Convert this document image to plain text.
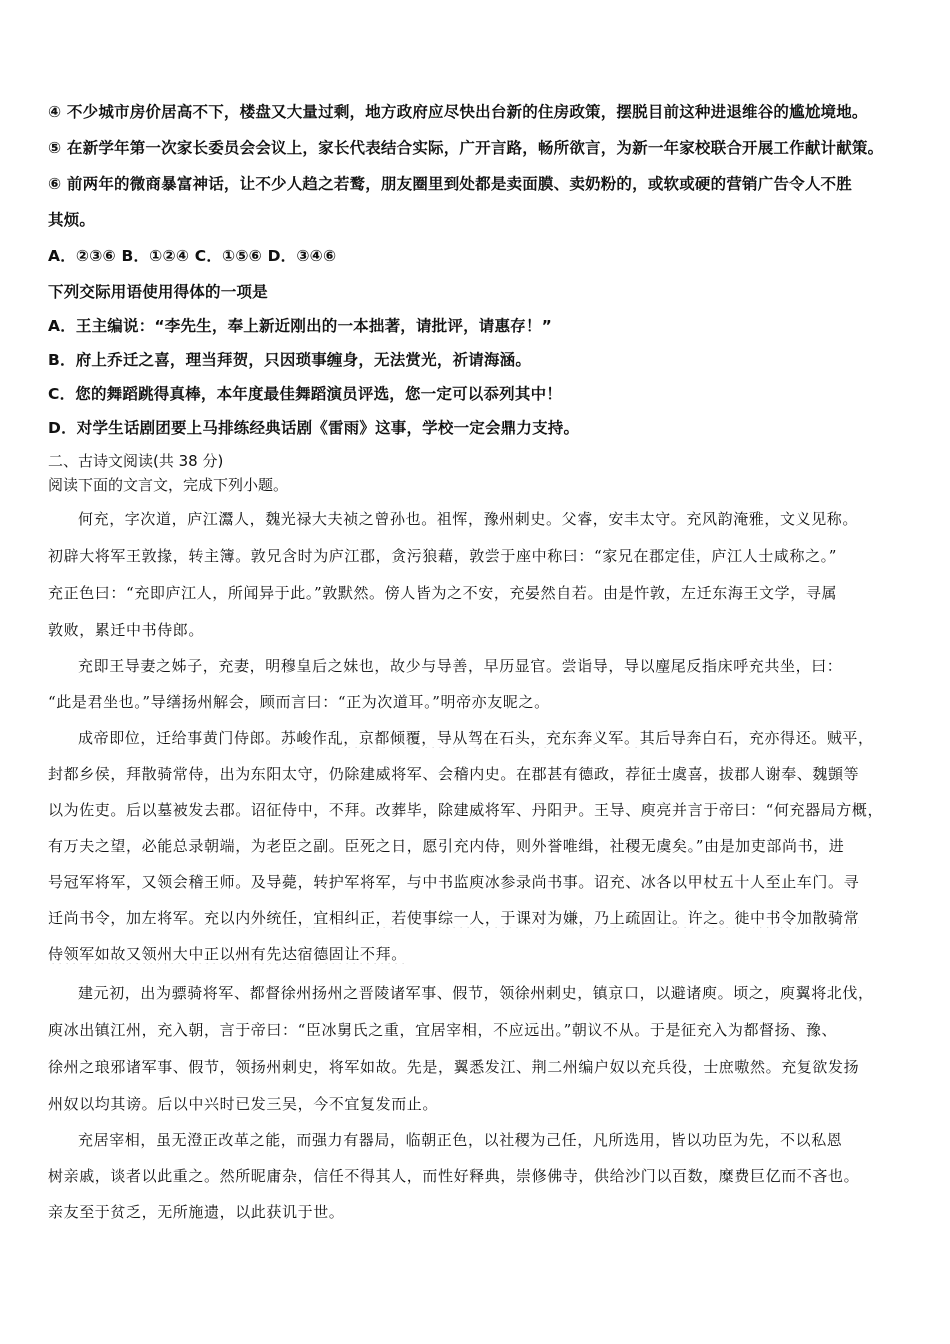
④ 不少城市房价居高不下，楼盘又大量过剩，地方政府应尽快出台新的住房政策，摆脱目前这种进退维谷的尴尬境地。
⑤ 在新学年第一次家长委员会会议上，家长代表结合实际，广开言路，畅所欲言，为新一年家校联合开展工作献计献策。
⑥ 前两年的微商暴富神话，让不少人趋之若鹜，朋友圈里到处都是卖面膜、卖奶粉的，或软或硬的营销广告令人不胜
其烦。
A．②③⑥ B．①②④ C．①⑤⑥ D．③④⑥
下列交际用语使用得体的一项是
A．王主编说：“李先生，奉上新近刚出的一本拙著，请批评，请惠存！”
B．府上乔迁之喜，理当拜贺，只因琐事缠身，无法赏光，祈请海涵。
C．您的舞蹈跳得真棒，本年度最佳舞蹈演员评选，您一定可以忝列其中！
D．对学生话剧团要上马排练经典话剧《雷雨》这事，学校一定会鼎力支持。
二、古诗文阅读(共 38 分)
阅读下面的文言文，完成下列小题。
何充，字次道，庐江灊人，魏光禄大夫祯之曾孙也。祖恽，豫州刺史。父睿，安丰太守。充风韵淹雅，文义见称。
初辟大将军王敦掾，转主簿。敦兄含时为庐江郡，贪污狼藉，敦尝于座中称曰：“家兄在郡定佳，庐江人士咸称之。”
充正色曰：“充即庐江人，所闻异于此。”敦默然。傍人皆为之不安，充晏然自若。由是忤敦，左迁东海王文学，寻属
敦败，累迁中书侍郎。
充即王导妻之姊子，充妻，明穆皇后之妹也，故少与导善，早历显官。尝诣导，导以麈尾反指床呼充共坐，曰：
“此是君坐也。”导缮扬州解会，顾而言曰：“正为次道耳。”明帝亦友昵之。
成帝即位，迁给事黄门侍郎。苏峻作乱，京都倾覆，导从驾在石头，充东奔义军。其后导奔白石，充亦得还。贼平，
封都乡侯，拜散骑常侍，出为东阳太守，仍除建威将军、会稽内史。在郡甚有德政，荐征士虞喜，拔郡人谢奉、魏顗等
以为佐吏。后以墓被发去郡。诏征侍中，不拜。改葬毕，除建威将军、丹阳尹。王导、庾亮并言于帝曰：“何充器局方概，
有万夫之望，必能总录朝端，为老臣之副。臣死之日，愿引充内侍，则外誉唯缉，社稷无虞矣。”由是加吏部尚书，进
号冠军将军，又领会稽王师。及导薨，转护军将军，与中书监庾冰参录尚书事。诏充、冰各以甲杖五十人至止车门。寻
迁尚书令，加左将军。充以内外统任，宜相纠正，若使事综一人，于课对为嫌，乃上疏固让。许之。徙中书令加散骑常
侍领军如故又领州大中正以州有先达宿德固让不拜。
建元初，出为骠骑将军、都督徐州扬州之晋陵诸军事、假节，领徐州刺史，镇京口，以避诸庾。顷之，庾翼将北伐，
庾冰出镇江州，充入朝，言于帝曰：“臣冰舅氏之重，宜居宰相，不应远出。”朝议不从。于是征充入为都督扬、豫、
徐州之琅邪诸军事、假节，领扬州刺史，将军如故。先是，翼悉发江、荆二州编户奴以充兵役，士庶嗷然。充复欲发扬
州奴以均其谤。后以中兴时已发三吴，今不宜复发而止。
充居宰相，虽无澄正改革之能，而强力有器局，临朝正色，以社稷为己任，凡所选用，皆以功臣为先，不以私恩
树亲戚，谈者以此重之。然所昵庸杂，信任不得其人，而性好释典，崇修佛寺，供给沙门以百数，糜费巨亿而不吝也。
亲友至于贫乏，无所施遗，以此获讥于世。
